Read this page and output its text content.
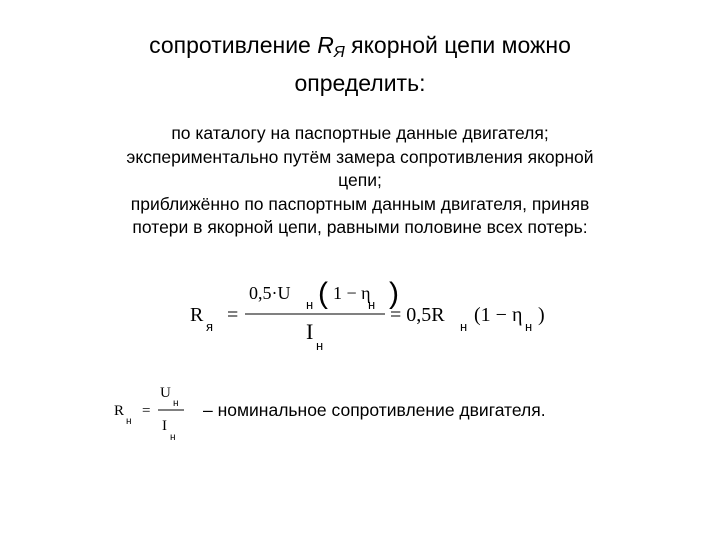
сопротивление $R_Я$ якорной цепи можно
определить:
по каталогу на паспортные данные двигателя;
экспериментально путём замера сопротивления якорной
цепи;
приближённо по паспортным данным двигателя, приняв
потери в якорной цепи, равными половине всех потерь:
R
я
=
0,5·U
н ( 1 − η
н )
I
н
= 0,5R
н
(1 − η
н
)
R
н
=
U
н
I
н
– номинальное сопротивление двигателя.
